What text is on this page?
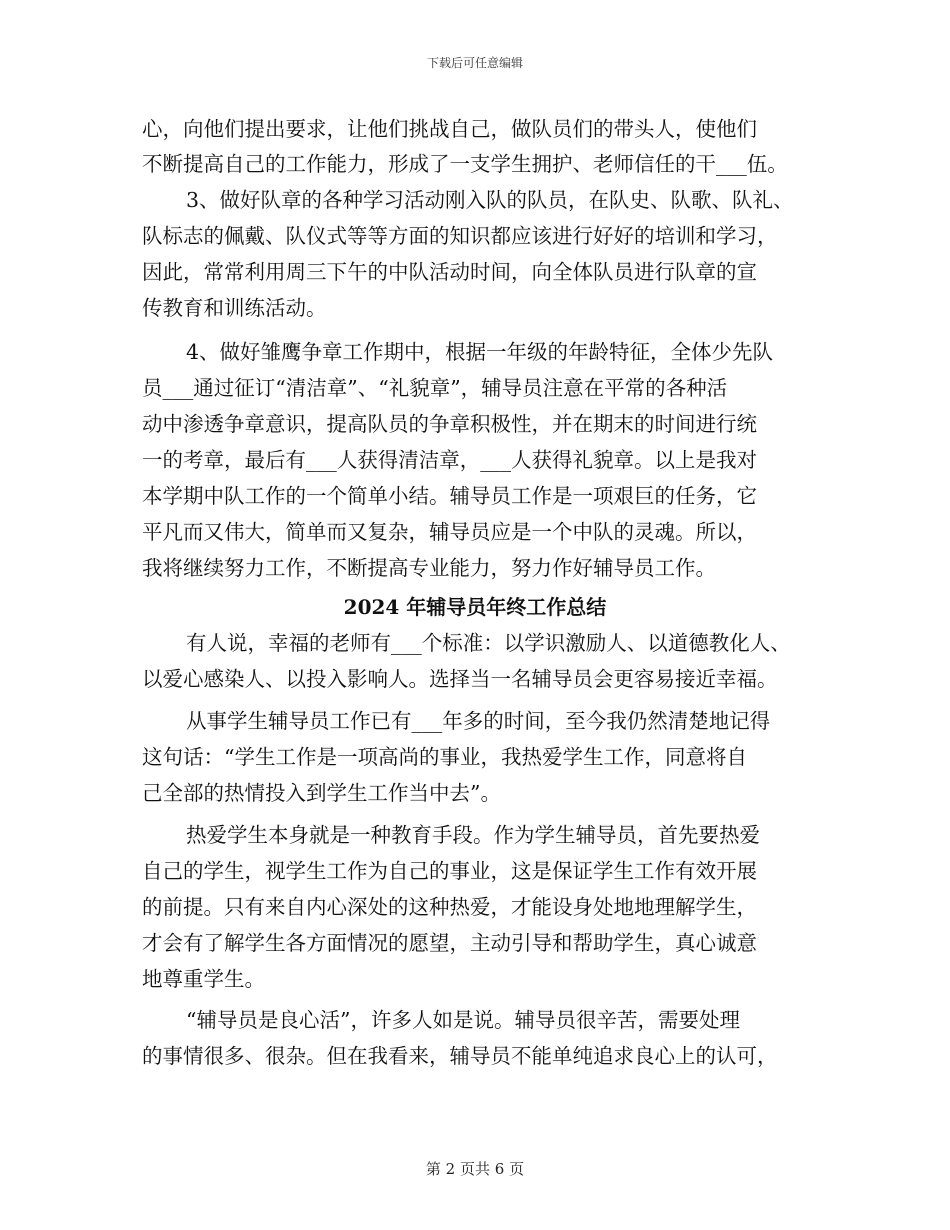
下载后可任意编辑
心，向他们提出要求，让他们挑战自己，做队员们的带头人，使他们
不断提高自己的工作能力，形成了一支学生拥护、老师信任的干___伍。
3、做好队章的各种学习活动刚入队的队员，在队史、队歌、队礼、
队标志的佩戴、队仪式等等方面的知识都应该进行好好的培训和学习，
因此，常常利用周三下午的中队活动时间，向全体队员进行队章的宣
传教育和训练活动。
4、做好雏鹰争章工作期中，根据一年级的年龄特征，全体少先队
员___通过征订“清洁章”、“礼貌章”，辅导员注意在平常的各种活
动中渗透争章意识，提高队员的争章积极性，并在期末的时间进行统
一的考章，最后有___人获得清洁章，___人获得礼貌章。以上是我对
本学期中队工作的一个简单小结。辅导员工作是一项艰巨的任务，它
平凡而又伟大，简单而又复杂，辅导员应是一个中队的灵魂。所以，
我将继续努力工作，不断提高专业能力，努力作好辅导员工作。
2024 年辅导员年终工作总结
有人说，幸福的老师有___个标准：以学识激励人、以道德教化人、
以爱心感染人、以投入影响人。选择当一名辅导员会更容易接近幸福。
从事学生辅导员工作已有___年多的时间，至今我仍然清楚地记得
这句话：“学生工作是一项高尚的事业，我热爱学生工作，同意将自
己全部的热情投入到学生工作当中去”。
热爱学生本身就是一种教育手段。作为学生辅导员，首先要热爱
自己的学生，视学生工作为自己的事业，这是保证学生工作有效开展
的前提。只有来自内心深处的这种热爱，才能设身处地地理解学生，
才会有了解学生各方面情况的愿望，主动引导和帮助学生，真心诚意
地尊重学生。
“辅导员是良心活”，许多人如是说。辅导员很辛苦，需要处理
的事情很多、很杂。但在我看来，辅导员不能单纯追求良心上的认可，
第 2 页共 6 页
